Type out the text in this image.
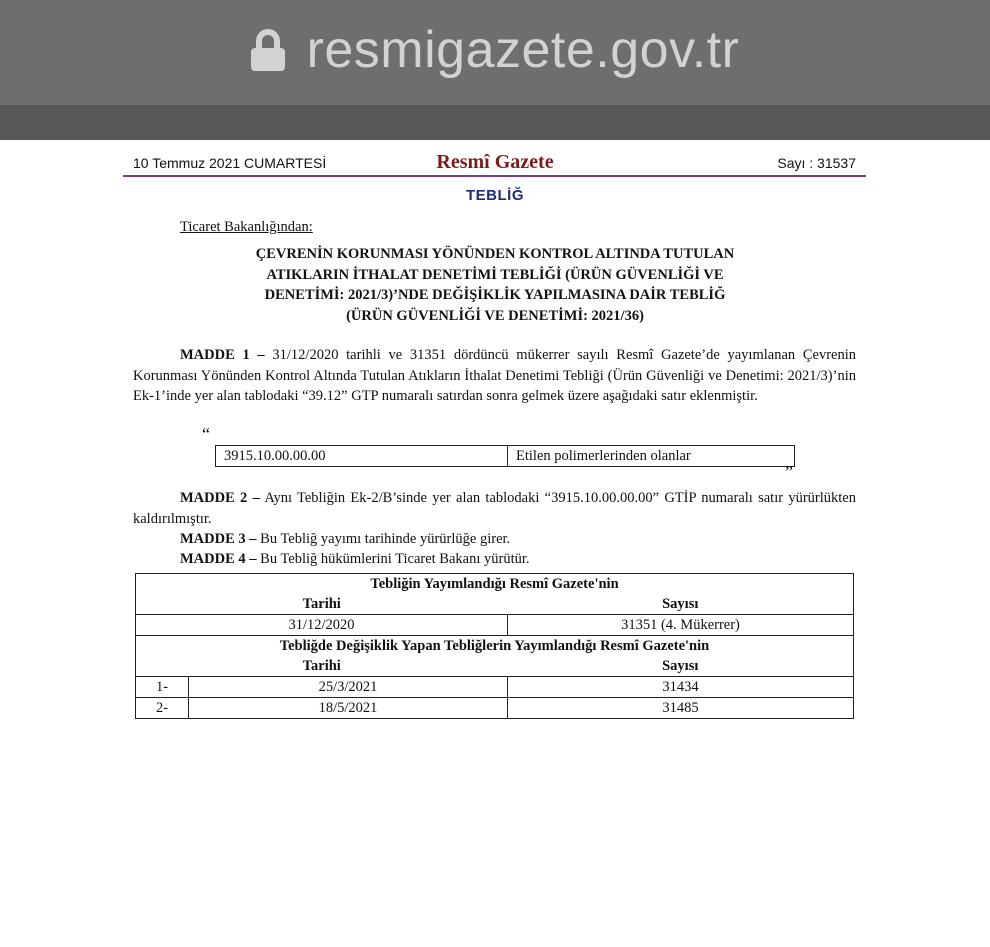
resmigazete.gov.tr
10 Temmuz 2021 CUMARTESİ	Resmî Gazete	Sayı : 31537
TEBLİĞ
Ticaret Bakanlığından:
ÇEVRENİN KORUNMASI YÖNÜNDEN KONTROL ALTINDA TUTULAN
ATIKLARIN İTHALAT DENETİMİ TEBLİĞİ (ÜRÜN GÜVENLİĞİ VE
DENETİMİ: 2021/3)’NDE DEĞİŞİKLİK YAPILMASINA DAİR TEBLİĞ
(ÜRÜN GÜVENLİĞİ VE DENETİMİ: 2021/36)

MADDE 1 – 31/12/2020 tarihli ve 31351 dördüncü mükerrer sayılı Resmî Gazete’de yayımlanan Çevrenin Korunması Yönünden Kontrol Altında Tutulan Atıkların İthalat Denetimi Tebliği (Ürün Güvenliği ve Denetimi: 2021/3)’nin Ek-1’inde yer alan tablodaki “39.12” GTP numaralı satırdan sonra gelmek üzere aşağıdaki satır eklenmiştir.

“
3915.10.00.00.00	Etilen polimerlerinden olanlar
”

MADDE 2 – Aynı Tebliğin Ek-2/B’sinde yer alan tablodaki “3915.10.00.00.00” GTİP numaralı satır yürürlükten kaldırılmıştır.

MADDE 3 – Bu Tebliğ yayımı tarihinde yürürlüğe girer.

MADDE 4 – Bu Tebliğ hükümlerini Ticaret Bakanı yürütür.

Tebliğin Yayımlandığı Resmî Gazete'nin		
Tarihi		Sayısı
31/12/2020		31351 (4. Mükerrer)
Tebliğde Değişiklik Yapan Tebliğlerin Yayımlandığı Resmî Gazete'nin		
Tarihi		Sayısı
1-	25/3/2021	31434
2-	18/5/2021	31485
